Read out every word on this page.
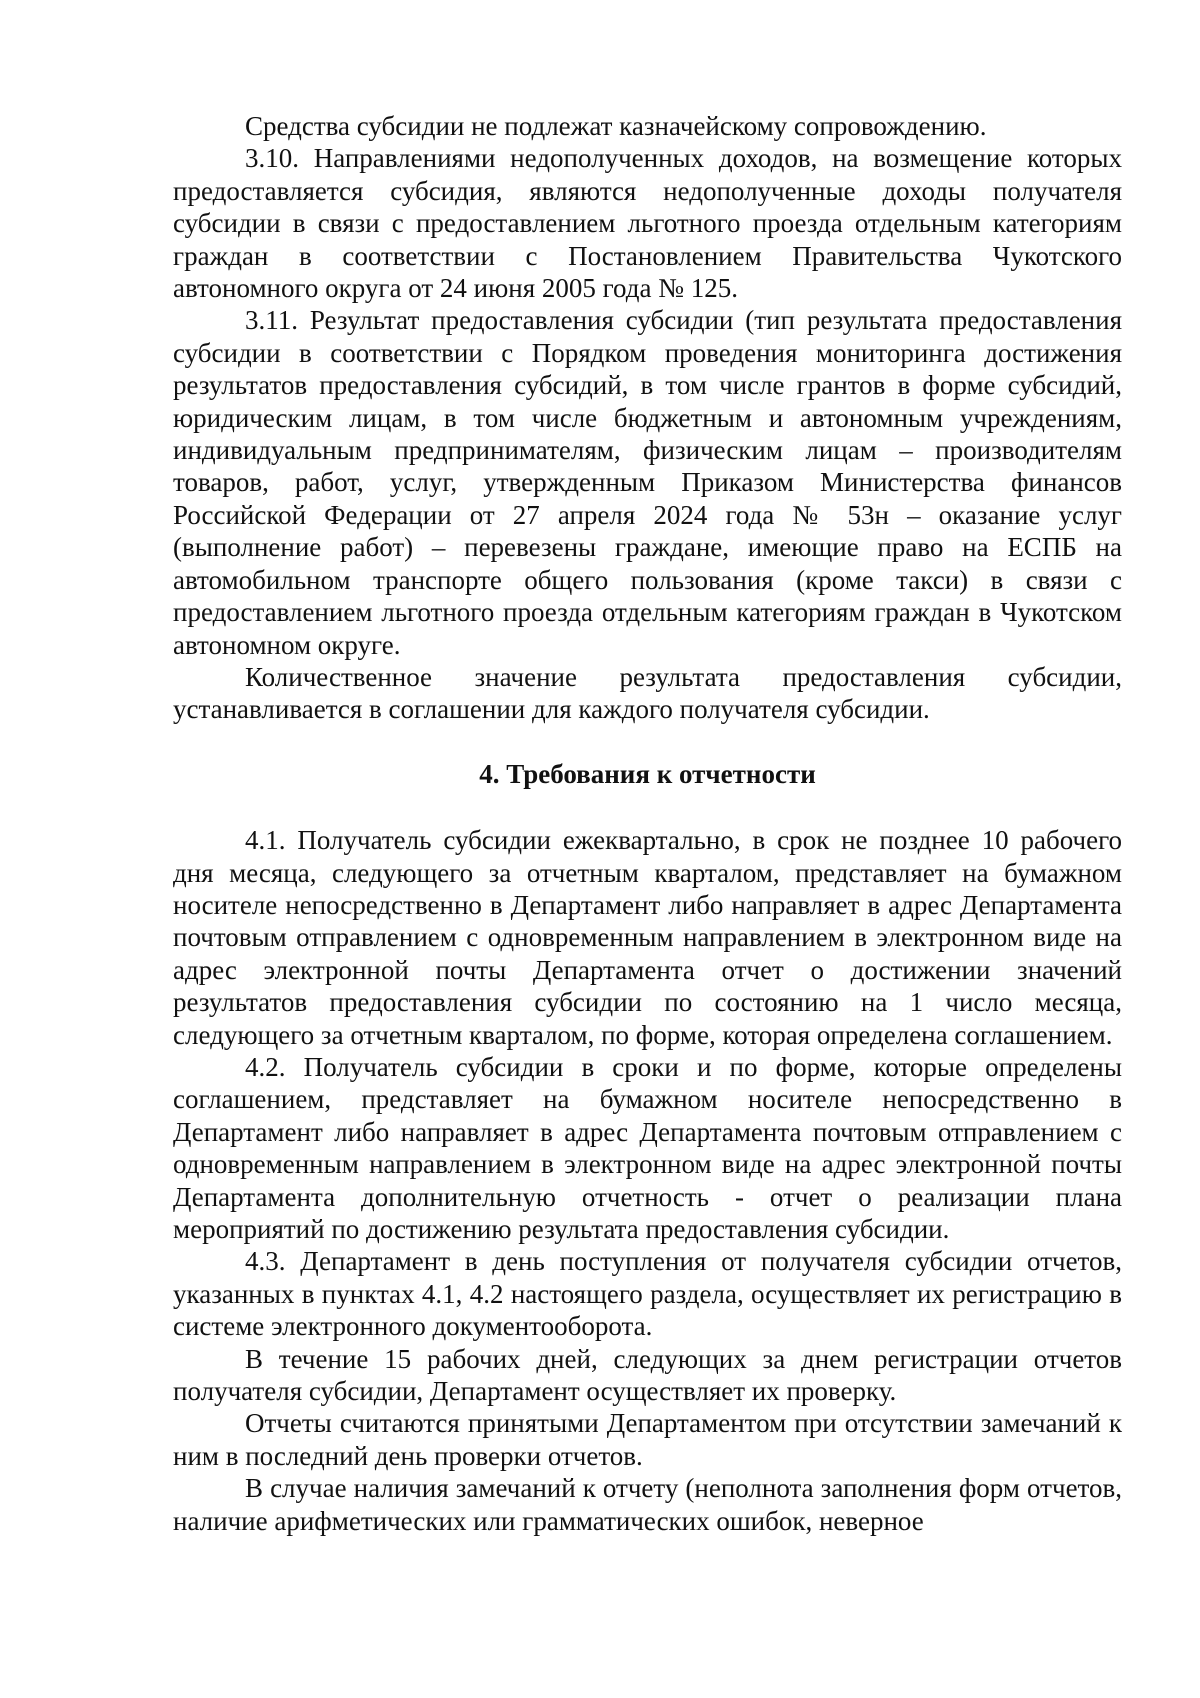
Средства субсидии не подлежат казначейскому сопровождению.

3.10. Направлениями недополученных доходов, на возмещение которых предоставляется субсидия, являются недополученные доходы получателя субсидии в связи с предоставлением льготного проезда отдельным категориям граждан в соответствии с Постановлением Правительства Чукотского автономного округа от 24 июня 2005 года № 125.

3.11. Результат предоставления субсидии (тип результата предоставления субсидии в соответствии с Порядком проведения мониторинга достижения результатов предоставления субсидий, в том числе грантов в форме субсидий, юридическим лицам, в том числе бюджетным и автономным учреждениям, индивидуальным предпринимателям, физическим лицам – производителям товаров, работ, услуг, утвержденным Приказом Министерства финансов Российской Федерации от 27 апреля 2024 года № 53н – оказание услуг (выполнение работ) – перевезены граждане, имеющие право на ЕСПБ на автомобильном транспорте общего пользования (кроме такси) в связи с предоставлением льготного проезда отдельным категориям граждан в Чукотском автономном округе.

Количественное значение результата предоставления субсидии, устанавливается в соглашении для каждого получателя субсидии.

4. Требования к отчетности

4.1. Получатель субсидии ежеквартально, в срок не позднее 10 рабочего дня месяца, следующего за отчетным кварталом, представляет на бумажном носителе непосредственно в Департамент либо направляет в адрес Департамента почтовым отправлением с одновременным направлением в электронном виде на адрес электронной почты Департамента отчет о достижении значений результатов предоставления субсидии по состоянию на 1 число месяца, следующего за отчетным кварталом, по форме, которая определена соглашением.

4.2. Получатель субсидии в сроки и по форме, которые определены соглашением, представляет на бумажном носителе непосредственно в Департамент либо направляет в адрес Департамента почтовым отправлением с одновременным направлением в электронном виде на адрес электронной почты Департамента дополнительную отчетность - отчет о реализации плана мероприятий по достижению результата предоставления субсидии.

4.3. Департамент в день поступления от получателя субсидии отчетов, указанных в пунктах 4.1, 4.2 настоящего раздела, осуществляет их регистрацию в системе электронного документооборота.

В течение 15 рабочих дней, следующих за днем регистрации отчетов получателя субсидии, Департамент осуществляет их проверку.

Отчеты считаются принятыми Департаментом при отсутствии замечаний к ним в последний день проверки отчетов.

В случае наличия замечаний к отчету (неполнота заполнения форм отчетов, наличие арифметических или грамматических ошибок, неверное
